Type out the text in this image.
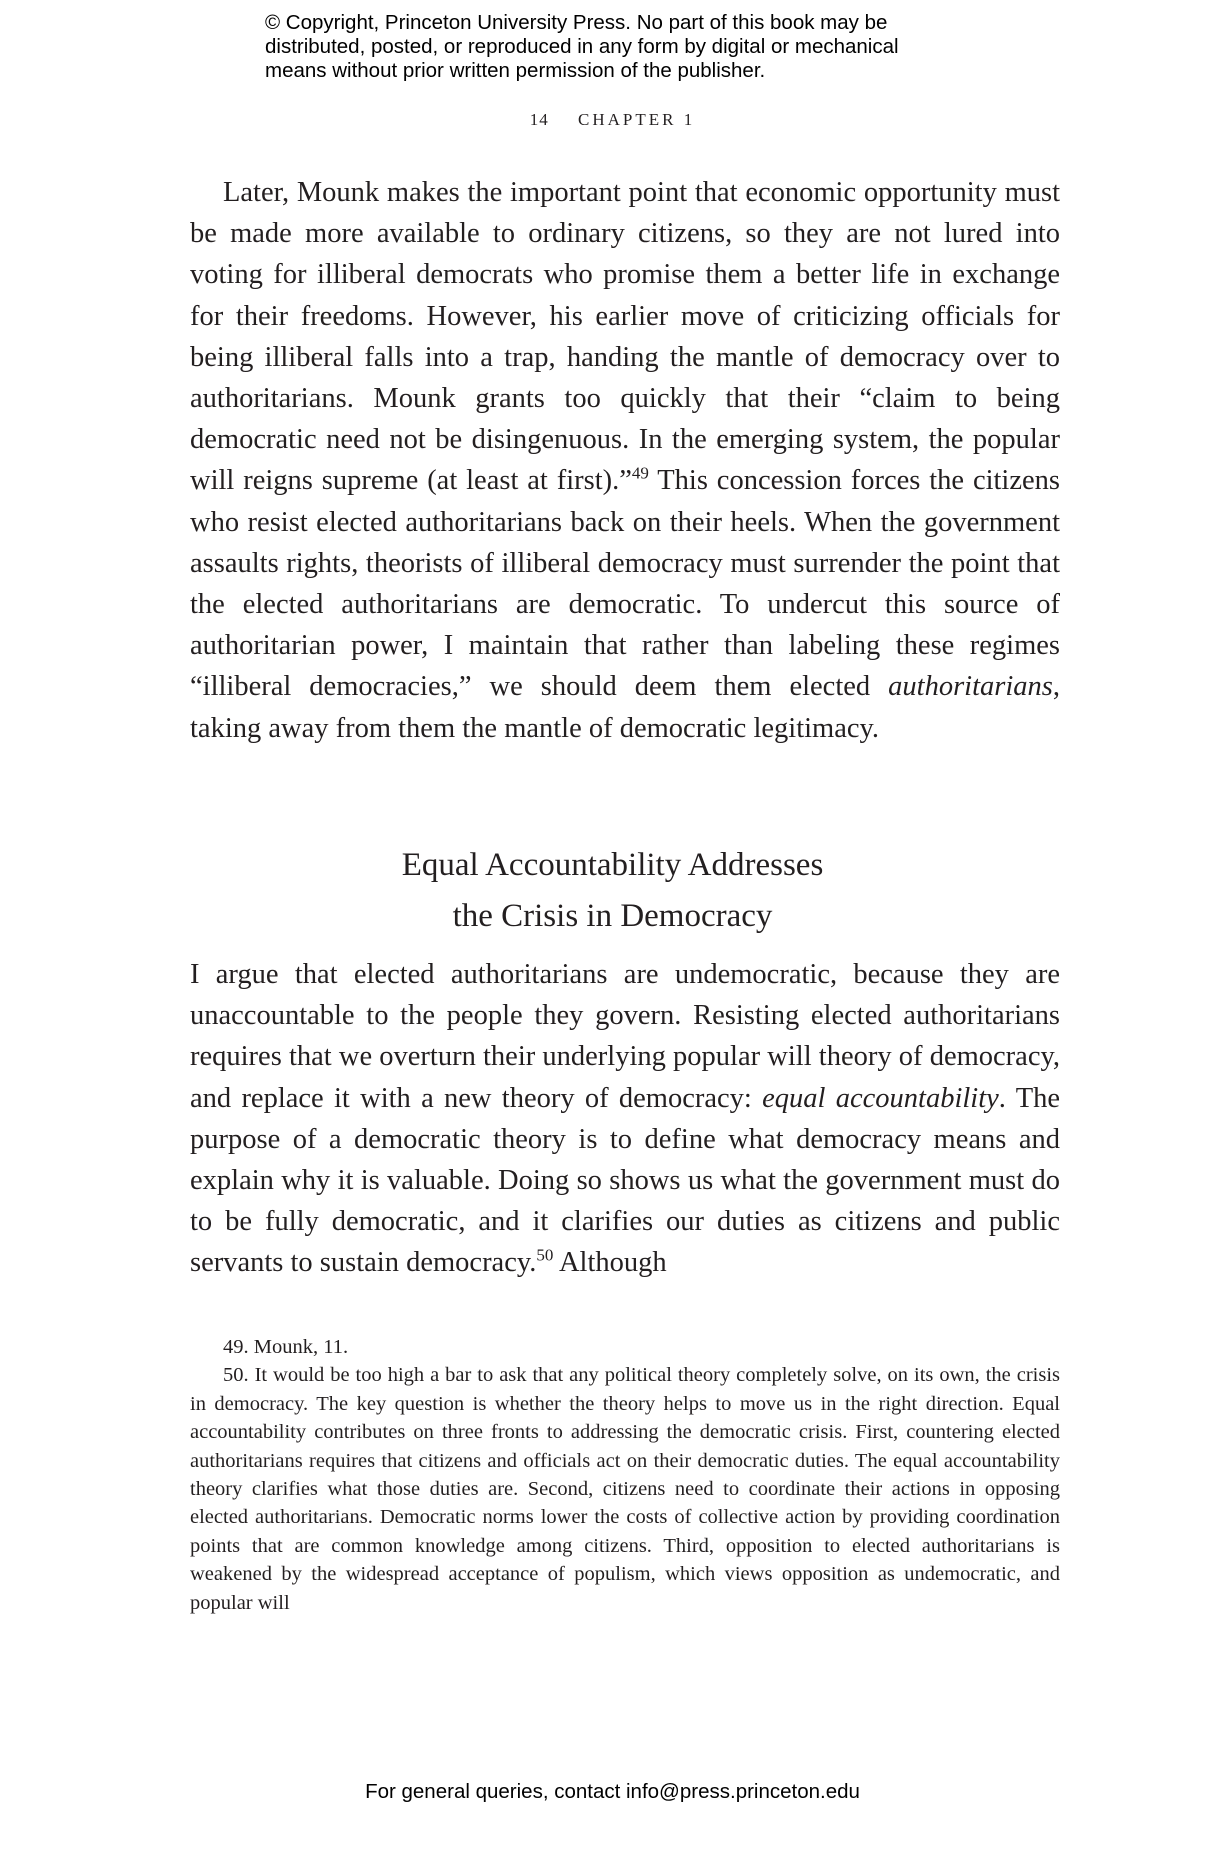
© Copyright, Princeton University Press. No part of this book may be
distributed, posted, or reproduced in any form by digital or mechanical
means without prior written permission of the publisher.
14 CHAPTER 1

Later, Mounk makes the important point that economic opportunity must be made more available to ordinary citizens, so they are not lured into voting for illiberal democrats who promise them a better life in exchange for their freedoms. However, his earlier move of criticizing officials for being illiberal falls into a trap, handing the mantle of democracy over to authoritarians. Mounk grants too quickly that their “claim to being democratic need not be disingenuous. In the emerging system, the popular will reigns supreme (at least at first).”$^{49}$ This concession forces the citizens who resist elected authoritarians back on their heels. When the government assaults rights, theorists of illiberal democracy must surrender the point that the elected authoritarians are democratic. To undercut this source of authoritarian power, I maintain that rather than labeling these regimes “illiberal democracies,” we should deem them elected authoritarians, taking away from them the mantle of democratic legitimacy.

Equal Accountability Addresses
the Crisis in Democracy

I argue that elected authoritarians are undemocratic, because they are unaccountable to the people they govern. Resisting elected authoritarians requires that we overturn their underlying popular will theory of democracy, and replace it with a new theory of democracy: equal accountability. The purpose of a democratic theory is to define what democracy means and explain why it is valuable. Doing so shows us what the government must do to be fully democratic, and it clarifies our duties as citizens and public servants to sustain democracy.$^{50}$ Although

49. Mounk, 11.

50. It would be too high a bar to ask that any political theory completely solve, on its own, the crisis in democracy. The key question is whether the theory helps to move us in the right direction. Equal accountability contributes on three fronts to addressing the democratic crisis. First, countering elected authoritarians requires that citizens and officials act on their democratic duties. The equal accountability theory clarifies what those duties are. Second, citizens need to coordinate their actions in opposing elected authoritarians. Democratic norms lower the costs of collective action by providing coordination points that are common knowledge among citizens. Third, opposition to elected authoritarians is weakened by the widespread acceptance of populism, which views opposition as undemocratic, and popular will

For general queries, contact info@press.princeton.edu
